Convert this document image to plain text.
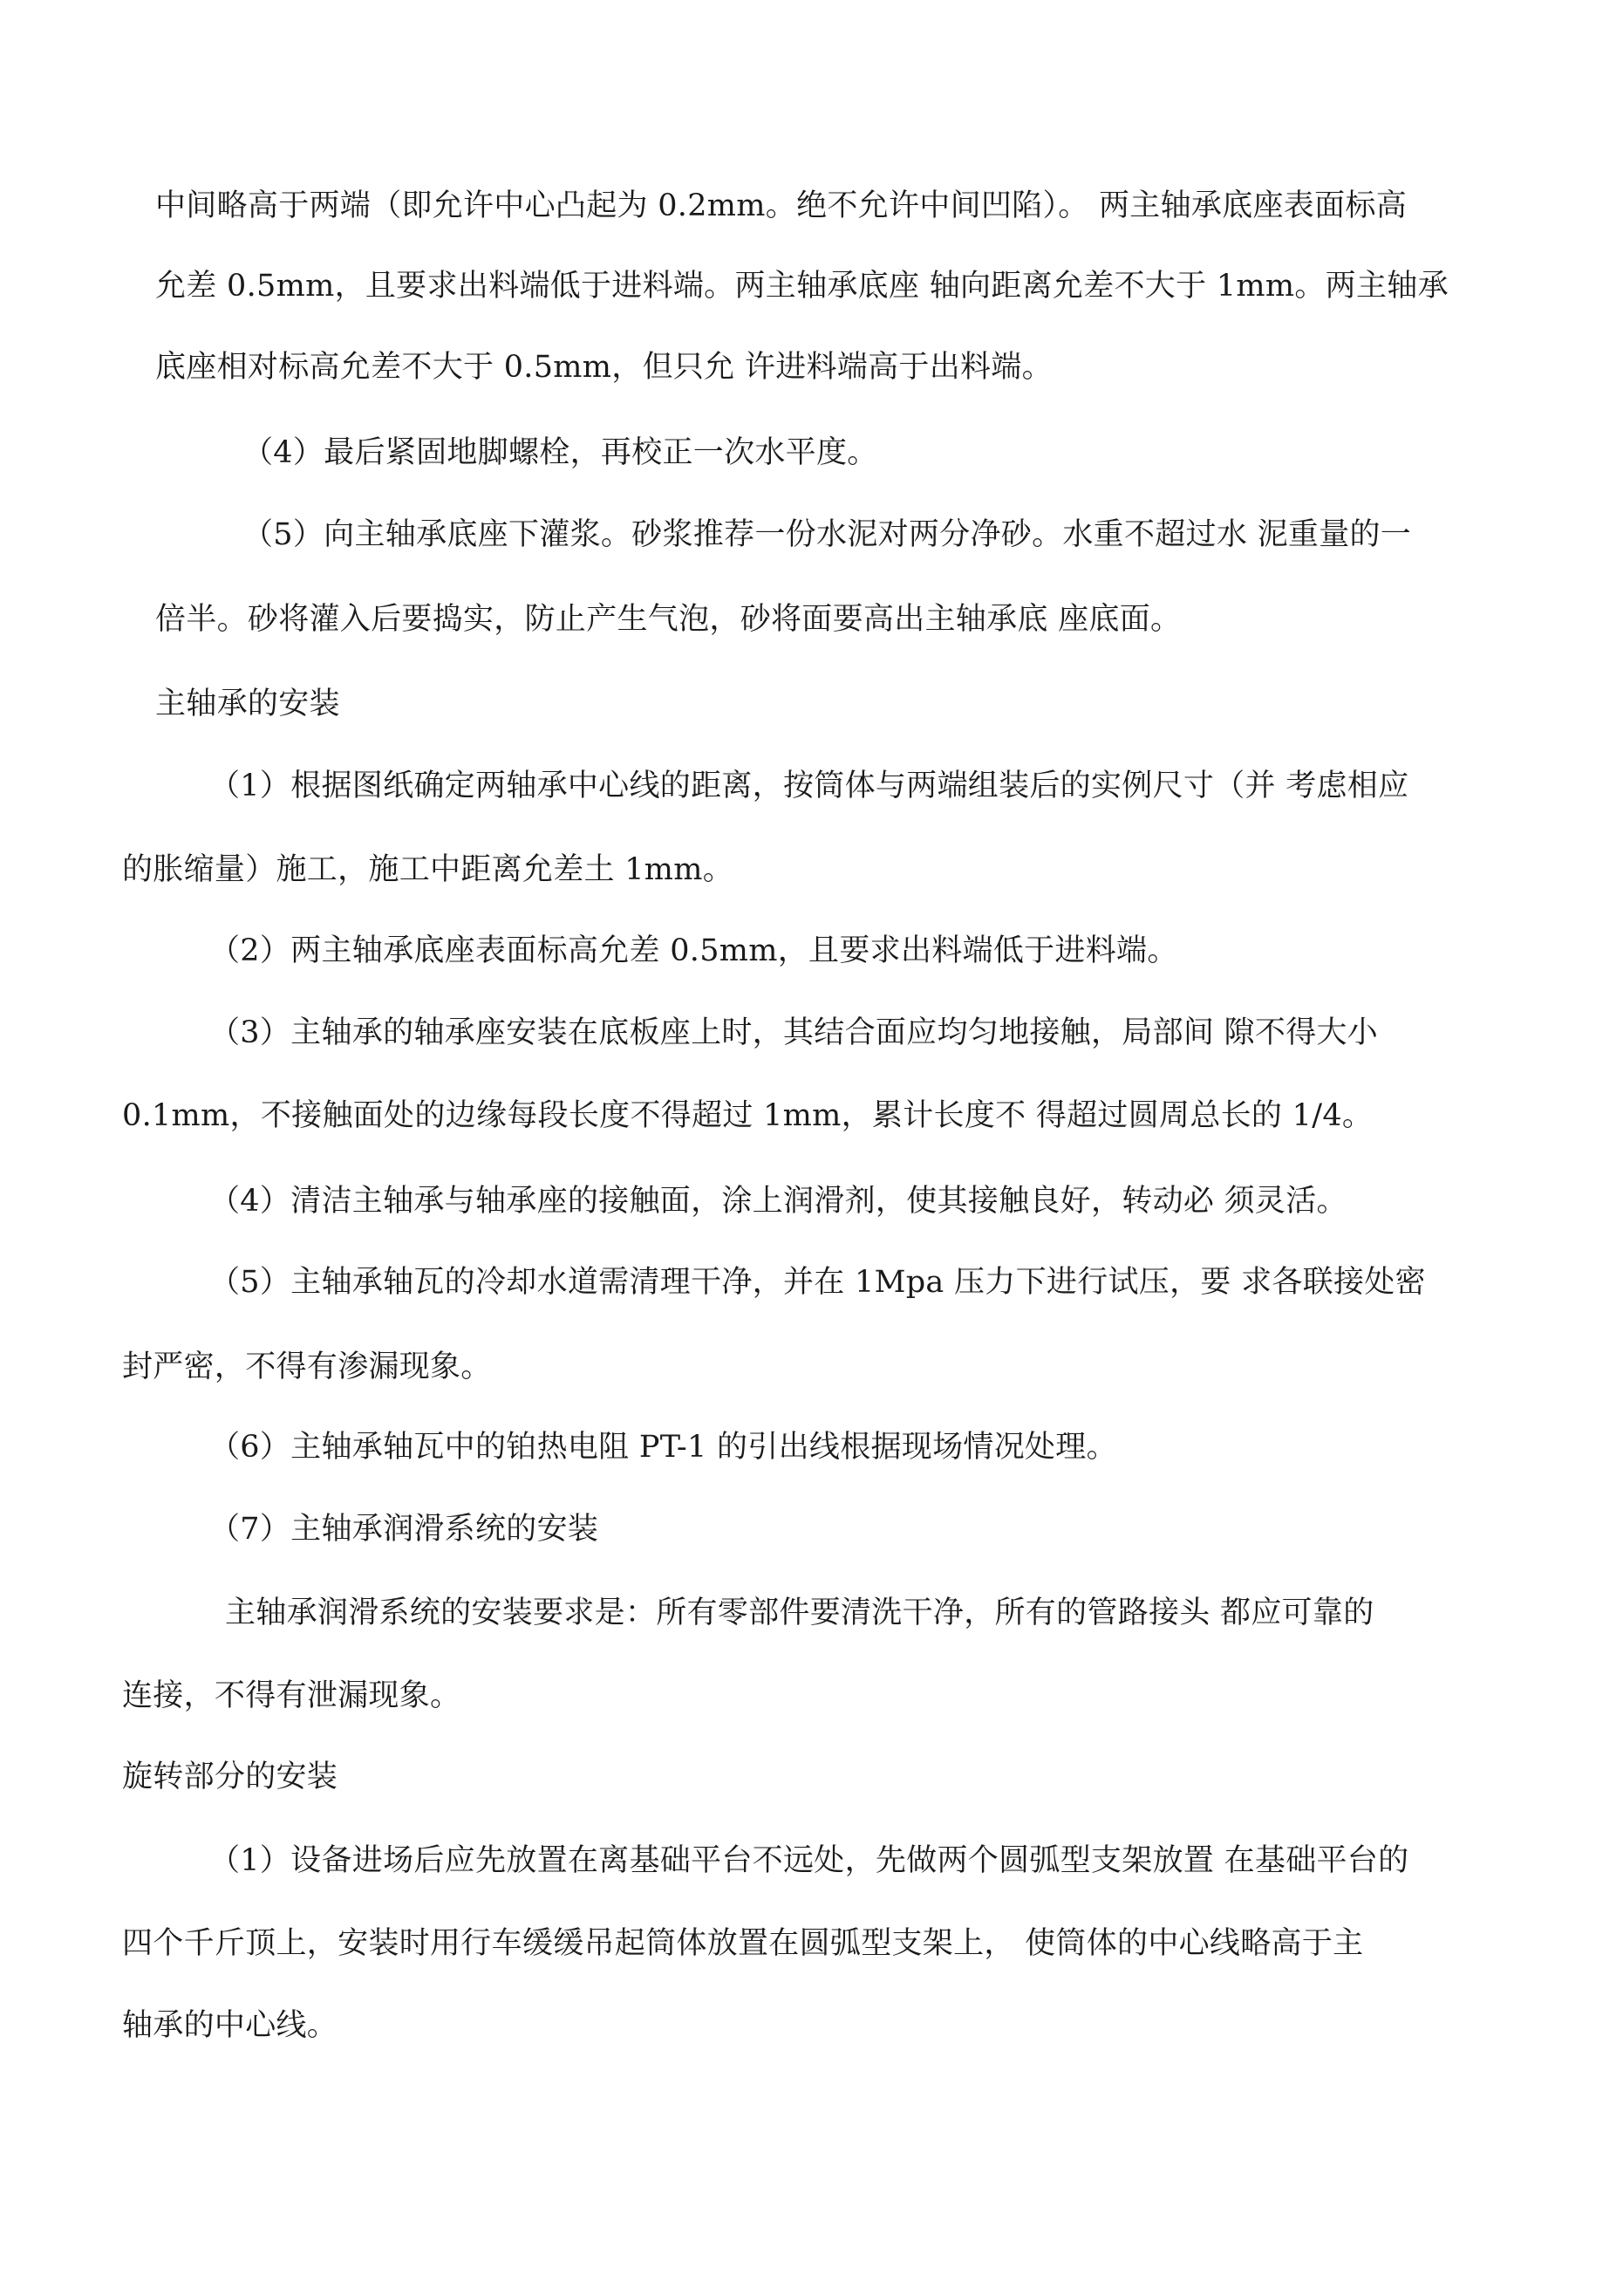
中间略高于两端（即允许中心凸起为 0.2mm。绝不允许中间凹陷）。 两主轴承底座表面标高
允差 0.5mm，且要求出料端低于进料端。两主轴承底座 轴向距离允差不大于 1mm。两主轴承
底座相对标高允差不大于 0.5mm，但只允 许进料端高于出料端。
（4）最后紧固地脚螺栓，再校正一次水平度。
（5）向主轴承底座下灌浆。砂浆推荐一份水泥对两分净砂。水重不超过水 泥重量的一
倍半。砂将灌入后要捣实，防止产生气泡，砂将面要高出主轴承底 座底面。
主轴承的安装
（1）根据图纸确定两轴承中心线的距离，按筒体与两端组装后的实例尺寸（并 考虑相应
的胀缩量）施工，施工中距离允差土 1mm。
（2）两主轴承底座表面标高允差 0.5mm，且要求出料端低于进料端。
（3）主轴承的轴承座安装在底板座上时，其结合面应均匀地接触，局部间 隙不得大小
0.1mm，不接触面处的边缘每段长度不得超过 1mm，累计长度不 得超过圆周总长的 1/4。
（4）清洁主轴承与轴承座的接触面，涂上润滑剂，使其接触良好，转动必 须灵活。
（5）主轴承轴瓦的冷却水道需清理干净，并在 1Mpa 压力下进行试压，要 求各联接处密
封严密，不得有渗漏现象。
（6）主轴承轴瓦中的铂热电阻 PT-1 的引出线根据现场情况处理。
（7）主轴承润滑系统的安装
主轴承润滑系统的安装要求是：所有零部件要清洗干净，所有的管路接头 都应可靠的
连接，不得有泄漏现象。
旋转部分的安装
（1）设备进场后应先放置在离基础平台不远处，先做两个圆弧型支架放置 在基础平台的
四个千斤顶上，安装时用行车缓缓吊起筒体放置在圆弧型支架上， 使筒体的中心线略高于主
轴承的中心线。
